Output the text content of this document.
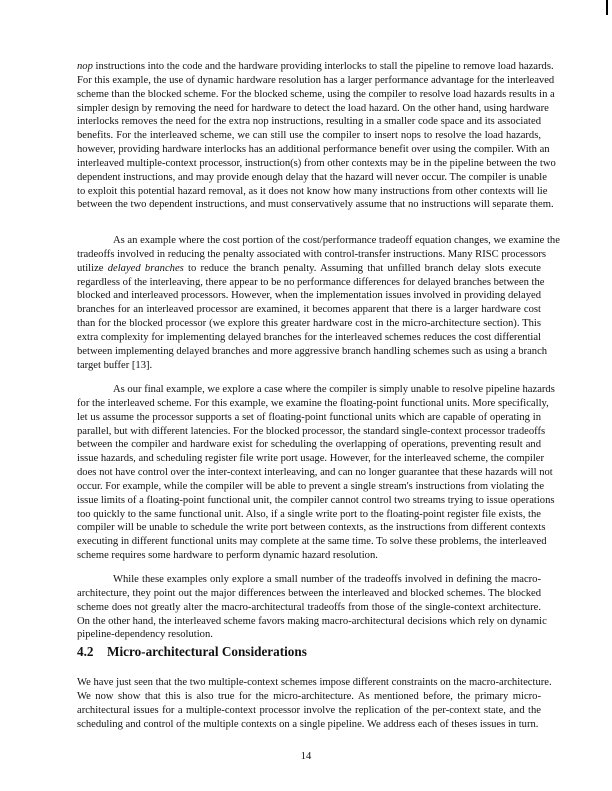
nop instructions into the code and the hardware providing interlocks to stall the pipeline to remove load hazards.
For this example, the use of dynamic hardware resolution has a larger performance advantage for the interleaved
scheme than the blocked scheme. For the blocked scheme, using the compiler to resolve load hazards results in a
simpler design by removing the need for hardware to detect the load hazard. On the other hand, using hardware
interlocks removes the need for the extra nop instructions, resulting in a smaller code space and its associated
benefits. For the interleaved scheme, we can still use the compiler to insert nops to resolve the load hazards,
however, providing hardware interlocks has an additional performance benefit over using the compiler. With an
interleaved multiple-context processor, instruction(s) from other contexts may be in the pipeline between the two
dependent instructions, and may provide enough delay that the hazard will never occur. The compiler is unable
to exploit this potential hazard removal, as it does not know how many instructions from other contexts will lie
between the two dependent instructions, and must conservatively assume that no instructions will separate them.
As an example where the cost portion of the cost/performance tradeoff equation changes, we examine the
tradeoffs involved in reducing the penalty associated with control-transfer instructions. Many RISC processors
utilize delayed branches to reduce the branch penalty. Assuming that unfilled branch delay slots execute
regardless of the interleaving, there appear to be no performance differences for delayed branches between the
blocked and interleaved processors. However, when the implementation issues involved in providing delayed
branches for an interleaved processor are examined, it becomes apparent that there is a larger hardware cost
than for the blocked processor (we explore this greater hardware cost in the micro-architecture section). This
extra complexity for implementing delayed branches for the interleaved schemes reduces the cost differential
between implementing delayed branches and more aggressive branch handling schemes such as using a branch
target buffer [13].
As our final example, we explore a case where the compiler is simply unable to resolve pipeline hazards
for the interleaved scheme. For this example, we examine the floating-point functional units. More specifically,
let us assume the processor supports a set of floating-point functional units which are capable of operating in
parallel, but with different latencies. For the blocked processor, the standard single-context processor tradeoffs
between the compiler and hardware exist for scheduling the overlapping of operations, preventing result and
issue hazards, and scheduling register file write port usage. However, for the interleaved scheme, the compiler
does not have control over the inter-context interleaving, and can no longer guarantee that these hazards will not
occur. For example, while the compiler will be able to prevent a single stream's instructions from violating the
issue limits of a floating-point functional unit, the compiler cannot control two streams trying to issue operations
too quickly to the same functional unit. Also, if a single write port to the floating-point register file exists, the
compiler will be unable to schedule the write port between contexts, as the instructions from different contexts
executing in different functional units may complete at the same time. To solve these problems, the interleaved
scheme requires some hardware to perform dynamic hazard resolution.
While these examples only explore a small number of the tradeoffs involved in defining the macro-
architecture, they point out the major differences between the interleaved and blocked schemes. The blocked
scheme does not greatly alter the macro-architectural tradeoffs from those of the single-context architecture.
On the other hand, the interleaved scheme favors making macro-architectural decisions which rely on dynamic
pipeline-dependency resolution.
4.2 Micro-architectural Considerations
We have just seen that the two multiple-context schemes impose different constraints on the macro-architecture.
We now show that this is also true for the micro-architecture. As mentioned before, the primary micro-
architectural issues for a multiple-context processor involve the replication of the per-context state, and the
scheduling and control of the multiple contexts on a single pipeline. We address each of theses issues in turn.
14
